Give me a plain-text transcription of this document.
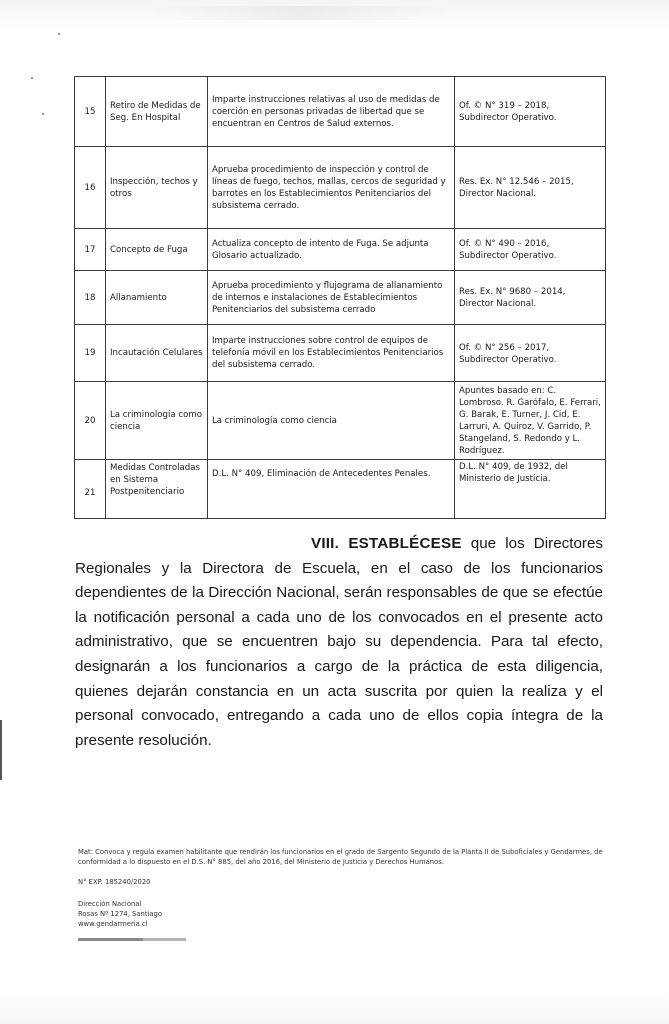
15	Retiro de Medidas de Seg. En Hospital	Imparte instrucciones relativas al uso de medidas de coerción en personas privadas de libertad que se encuentran en Centros de Salud externos.	Of. © N° 319 – 2018, Subdirector Operativo.
16	Inspección, techos y otros	Aprueba procedimiento de inspección y control de líneas de fuego, techos, mallas, cercos de seguridad y barrotes en los Establecimientos Penitenciarios del subsistema cerrado.	Res. Ex. N° 12.546 – 2015, Director Nacional.
17	Concepto de Fuga	Actualiza concepto de intento de Fuga. Se adjunta Glosario actualizado.	Of. © N° 490 – 2016, Subdirector Operativo.
18	Allanamiento	Aprueba procedimiento y flujograma de allanamiento de internos e instalaciones de Establecimientos Penitenciarios del subsistema cerrado	Res. Ex. N° 9680 – 2014, Director Nacional.
19	Incautación Celulares	Imparte instrucciones sobre control de equipos de telefonía móvil en los Establecimientos Penitenciarios del subsistema cerrado.	Of. © N° 256 – 2017, Subdirector Operativo.
20	La criminología como ciencia	La criminología como ciencia	Apuntes basado en: C. Lombroso. R. Garófalo, E. Ferrari, G. Barak, E. Turner, J. Cid, E. Larruri, A. Quiroz, V. Garrido, P. Stangeland, S. Redondo y L. Rodríguez.
21	Medidas Controladas en Sistema Postpenitenciario	D.L. N° 409, Eliminación de Antecedentes Penales.	D.L. N° 409, de 1932, del Ministerio de Justicia.

VIII. ESTABLÉCESE que los Directores Regionales y la Directora de Escuela, en el caso de los funcionarios dependientes de la Dirección Nacional, serán responsables de que se efectúe la notificación personal a cada uno de los convocados en el presente acto administrativo, que se encuentren bajo su dependencia. Para tal efecto, designarán a los funcionarios a cargo de la práctica de esta diligencia, quienes dejarán constancia en un acta suscrita por quien la realiza y el personal convocado, entregando a cada uno de ellos copia íntegra de la presente resolución.

Mat: Convoca y regula examen habilitante que rendirán los funcionarios en el grado de Sargento Segundo de la Planta II de Suboficiales y Gendarmes, de conformidad a lo dispuesto en el D.S. N° 885, del año 2016, del Ministerio de Justicia y Derechos Humanos.

N° EXP. 185240/2020
Dirección Nacional
Rosas Nº 1274, Santiago
www.gendarmeria.cl
